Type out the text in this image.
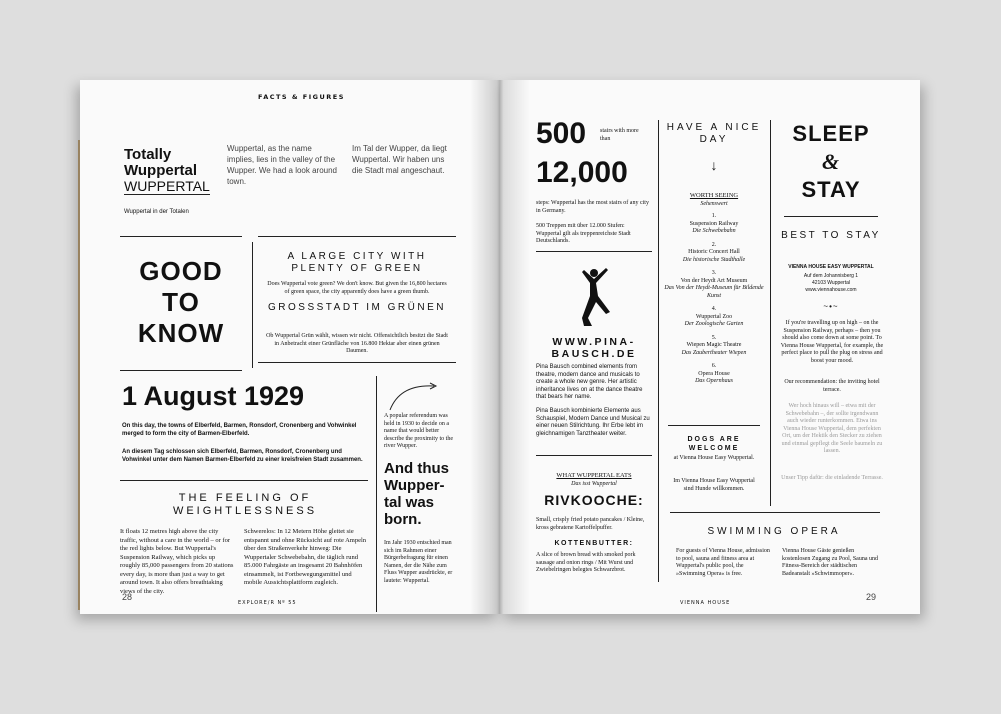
FACTS & FIGURES
Totally
Wuppertal
WUPPERTAL
Wuppertal in der Totalen
Wuppertal, as the name implies, lies in the valley of the Wupper. We had a look around town.
Im Tal der Wupper, da liegt Wuppertal. Wir haben uns die Stadt mal angeschaut.
GOOD
TO
KNOW
A LARGE CITY WITH PLENTY OF GREEN
Does Wuppertal vote green? We don't know. But given the 16,800 hectares of green space, the city apparently does have a green thumb.
GROSSSTADT IM GRÜNEN
Ob Wuppertal Grün wählt, wissen wir nicht. Offensichtlich besitzt die Stadt in Anbetracht einer Grünfläche von 16.800 Hektar aber einen grünen Daumen.
1 August 1929
On this day, the towns of Elberfeld, Barmen, Ronsdorf, Cronenberg and Vohwinkel merged to form the city of Barmen-Elberfeld.
An diesem Tag schlossen sich Elberfeld, Barmen, Ronsdorf, Cronenberg und Vohwinkel unter dem Namen Barmen-Elberfeld zu einer kreisfreien Stadt zusammen.
A popular referendum was held in 1930 to decide on a name that would better describe the proximity to the river Wupper.
And thus Wupper-tal was born.
Im Jahr 1930 entschied man sich im Rahmen einer Bürgerbefragung für einen Namen, der die Nähe zum Fluss Wupper ausdrückte, er lautete: Wuppertal.
THE FEELING OF WEIGHTLESSNESS
It floats 12 metres high above the city traffic, without a care in the world – or for the red lights below. But Wuppertal's Suspension Railway, which picks up roughly 85,000 passengers from 20 stations every day, is more than just a way to get around town. It also offers breathtaking views of the city.
Schwerelos: In 12 Metern Höhe gleitet sie entspannt und ohne Rücksicht auf rote Ampeln über den Straßenverkehr hinweg: Die Wuppertaler Schwebebahn, die täglich rund 85.000 Fahrgäste an insgesamt 20 Bahnhöfen einsammelt, ist Fortbewegungsmittel und mobile Aussichtsplattform zugleich.
28
EXPLORE/R Nº 55
500 stairs with more than
12,000
steps: Wuppertal has the most stairs of any city in Germany.
500 Treppen mit über 12.000 Stufen: Wuppertal gilt als treppenreichste Stadt Deutschlands.
WWW.PINA-BAUSCH.DE
Pina Bausch combined elements from theatre, modern dance and musicals to create a whole new genre. Her artistic inheritance lives on at the dance theatre that bears her name.
Pina Bausch kombinierte Elemente aus Schauspiel, Modern Dance und Musical zu einer neuen Stilrichtung. Ihr Erbe lebt im gleichnamigen Tanztheater weiter.
WHAT WUPPERTAL EATS
Das isst Wuppertal
RIVKOOCHE:
Small, crisply fried potato pancakes / Kleine, kross gebratene Kartoffelpuffer.
KOTTENBUTTER:
A slice of brown bread with smoked pork sausage and onion rings / Mit Wurst und Zwiebelringen belegtes Schwarzbrot.
HAVE A NICE DAY
↓
WORTH SEEING
Sehenswert
1.
Suspension Railway
Die Schwebebahn
2.
Historic Concert Hall
Die historische Stadthalle
3.
Von der Heydt Art Museum
Das Von der Heydt-Museum für Bildende Kunst
4.
Wuppertal Zoo
Der Zoologische Garten
5.
Wiepen Magic Theatre
Das Zaubertheater Wiepen
6.
Opera House
Das Opernhaus
DOGS ARE WELCOME
at Vienna House Easy Wuppertal.
Im Vienna House Easy Wuppertal sind Hunde willkommen.
SLEEP
&
STAY
BEST TO STAY
VIENNA HOUSE EASY WUPPERTAL
Auf dem Johannisberg 1
42103 Wuppertal
www.viennahouse.com
~•~
If you're travelling up on high – on the Suspension Railway, perhaps – then you should also come down at some point. To Vienna House Wuppertal, for example, the perfect place to pull the plug on stress and boost your mood.
Our recommendation: the inviting hotel terrace.
Wer hoch hinaus will – etwa mit der Schwebebahn –, der sollte irgendwann auch wieder runterkommen. Etwa ins Vienna House Wuppertal, dem perfekten Ort, um der Hektik den Stecker zu ziehen und einmal gepflegt die Seele baumeln zu lassen.
Unser Tipp dafür: die einladende Terrasse.
SWIMMING OPERA
For guests of Vienna House, admission to pool, sauna and fitness area at Wuppertal's public pool, the »Swimming Opera« is free.
Vienna House Gäste genießen kostenlosen Zugang zu Pool, Sauna und Fitness-Bereich der städtischen Badeanstalt »Schwimmoper«.
VIENNA HOUSE
29
